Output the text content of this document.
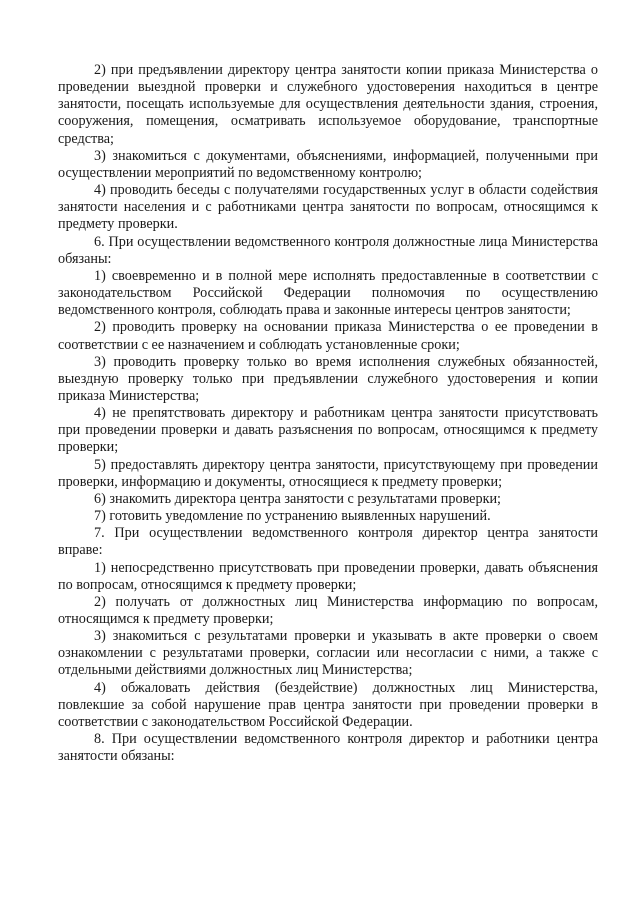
2) при предъявлении директору центра занятости копии приказа Министерства о проведении выездной проверки и служебного удостоверения находиться в центре занятости, посещать используемые для осуществления деятельности здания, строения, сооружения, помещения, осматривать используемое оборудование, транспортные средства;

3) знакомиться с документами, объяснениями, информацией, полученными при осуществлении мероприятий по ведомственному контролю;

4) проводить беседы с получателями государственных услуг в области содействия занятости населения и с работниками центра занятости по вопросам, относящимся к предмету проверки.

6. При осуществлении ведомственного контроля должностные лица Министерства обязаны:

1) своевременно и в полной мере исполнять предоставленные в соответствии с законодательством Российской Федерации полномочия по осуществлению ведомственного контроля, соблюдать права и законные интересы центров занятости;

2) проводить проверку на основании приказа Министерства о ее проведении в соответствии с ее назначением и соблюдать установленные сроки;

3) проводить проверку только во время исполнения служебных обязанностей, выездную проверку только при предъявлении служебного удостоверения и копии приказа Министерства;

4) не препятствовать директору и работникам центра занятости присутствовать при проведении проверки и давать разъяснения по вопросам, относящимся к предмету проверки;

5) предоставлять директору центра занятости, присутствующему при проведении проверки, информацию и документы, относящиеся к предмету проверки;

6) знакомить директора центра занятости с результатами проверки;

7) готовить уведомление по устранению выявленных нарушений.

7. При осуществлении ведомственного контроля директор центра занятости вправе:

1) непосредственно присутствовать при проведении проверки, давать объяснения по вопросам, относящимся к предмету проверки;

2) получать от должностных лиц Министерства информацию по вопросам, относящимся к предмету проверки;

3) знакомиться с результатами проверки и указывать в акте проверки о своем ознакомлении с результатами проверки, согласии или несогласии с ними, а также с отдельными действиями должностных лиц Министерства;

4) обжаловать действия (бездействие) должностных лиц Министерства, повлекшие за собой нарушение прав центра занятости при проведении проверки в соответствии с законодательством Российской Федерации.

8. При осуществлении ведомственного контроля директор и работники центра занятости обязаны:
